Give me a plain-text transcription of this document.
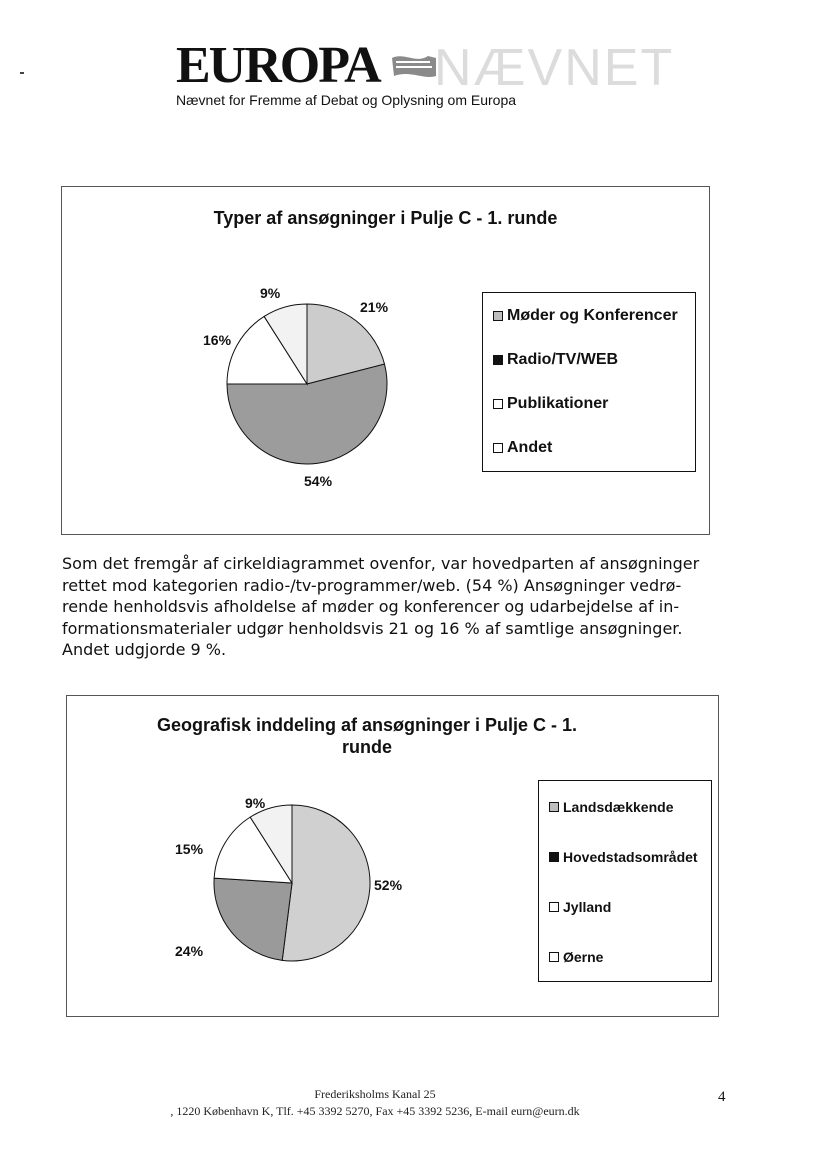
EUROPA NÆVNET
Nævnet for Fremme af Debat og Oplysning om Europa
Typer af ansøgninger i Pulje C - 1. runde
21%
54%
16%
9%
Møder og Konferencer
Radio/TV/WEB
Publikationer
Andet

Som det fremgår af cirkeldiagrammet ovenfor, var hovedparten af ansøgninger

rettet mod kategorien radio-/tv-programmer/web. (54 %) Ansøgninger vedrø-

rende henholdsvis afholdelse af møder og konferencer og udarbejdelse af in-

formationsmaterialer udgør henholdsvis 21 og 16 % af samtlige ansøgninger.

Andet udgjorde 9 %.

Geografisk inddeling af ansøgninger i Pulje C - 1.
runde
52%
24%
15%
9%	Landsdækkende
Hovedstadsområdet
Jylland
Øerne
Frederiksholms Kanal 25
, 1220 København K, Tlf. +45 3392 5270, Fax +45 3392 5236, E-mail eurn@eurn.dk
4
